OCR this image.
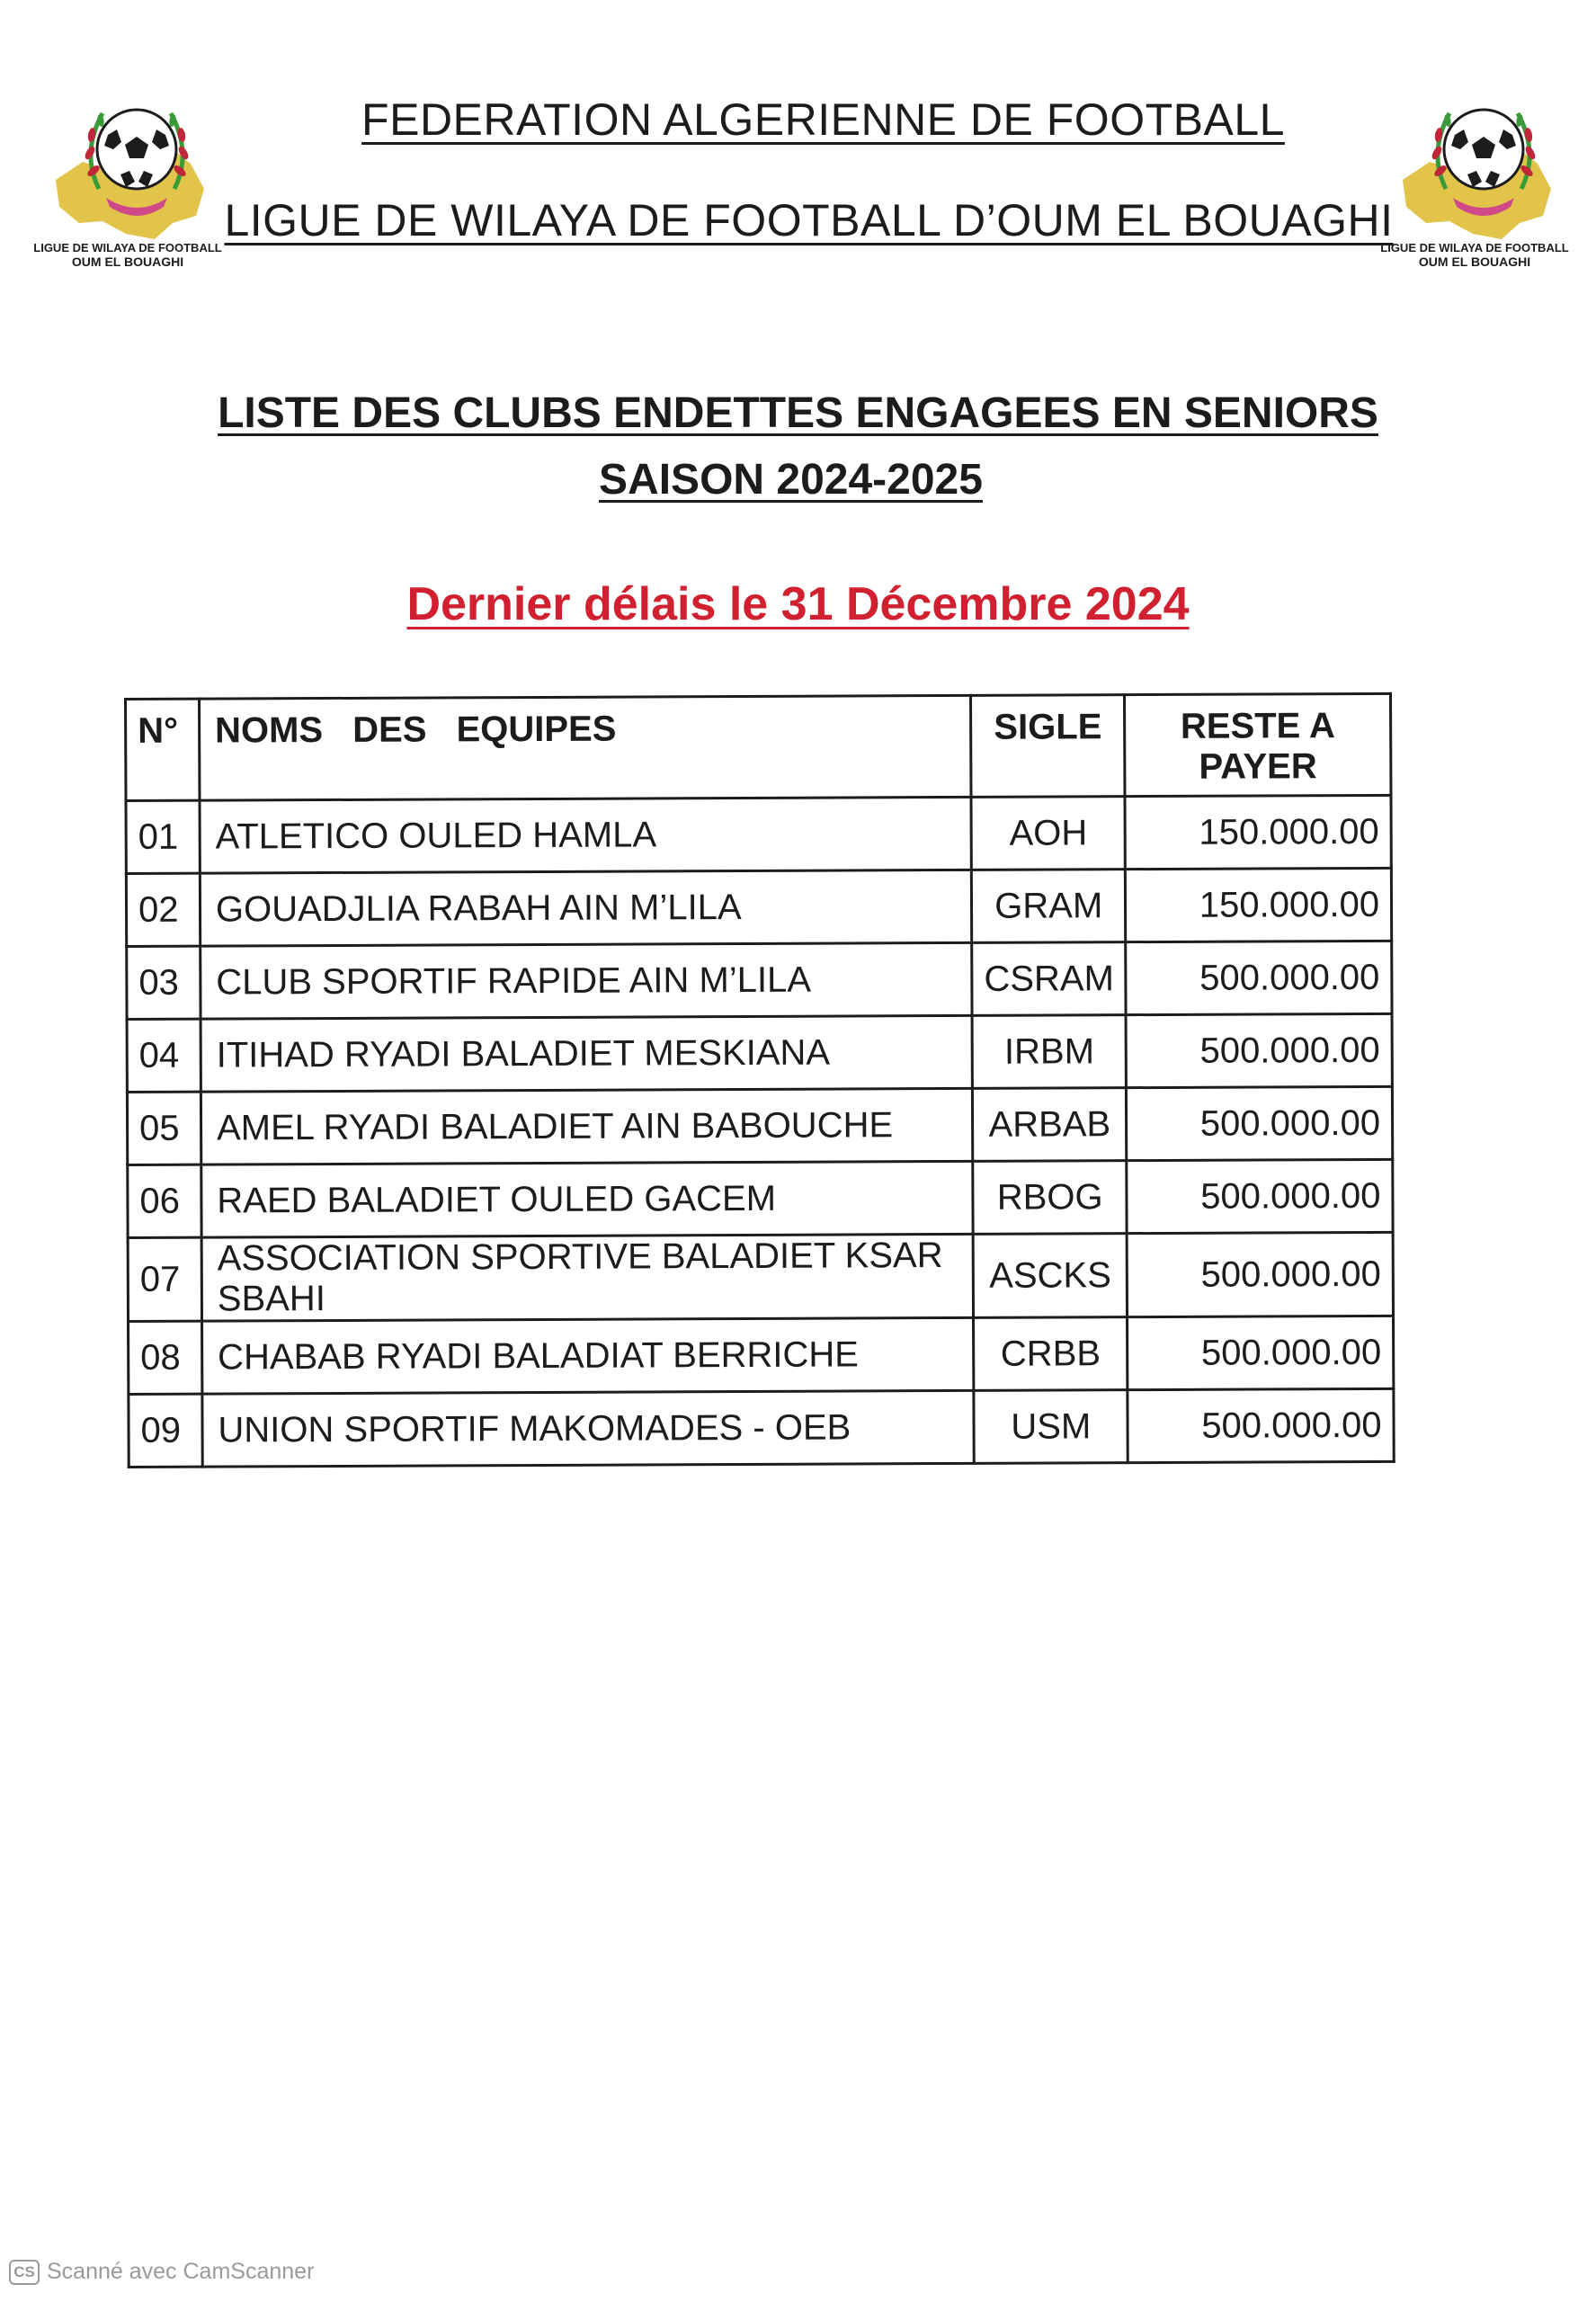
LIGUE DE WILAYA DE FOOTBALL
OUM EL BOUAGHI
LIGUE DE WILAYA DE FOOTBALL
OUM EL BOUAGHI
FEDERATION ALGERIENNE DE FOOTBALL
LIGUE DE WILAYA DE FOOTBALL D’OUM EL BOUAGHI
LISTE DES CLUBS ENDETTES ENGAGEES EN SENIORS
SAISON 2024-2025
Dernier délais le 31 Décembre 2024
N°	NOMS DES EQUIPES	SIGLE	RESTE A
PAYER

01	ATLETICO OULED HAMLA	AOH	150.000.00
02	GOUADJLIA RABAH AIN M’LILA	GRAM	150.000.00
03	CLUB SPORTIF RAPIDE AIN M’LILA	CSRAM	500.000.00
04	ITIHAD RYADI BALADIET MESKIANA	IRBM	500.000.00
05	AMEL RYADI BALADIET AIN BABOUCHE	ARBAB	500.000.00
06	RAED BALADIET OULED GACEM	RBOG	500.000.00
07	ASSOCIATION SPORTIVE BALADIET KSAR SBAHI	ASCKS	500.000.00
08	CHABAB RYADI BALADIAT BERRICHE	CRBB	500.000.00
09	UNION SPORTIF MAKOMADES - OEB	USM	500.000.00
CS Scanné avec CamScanner
